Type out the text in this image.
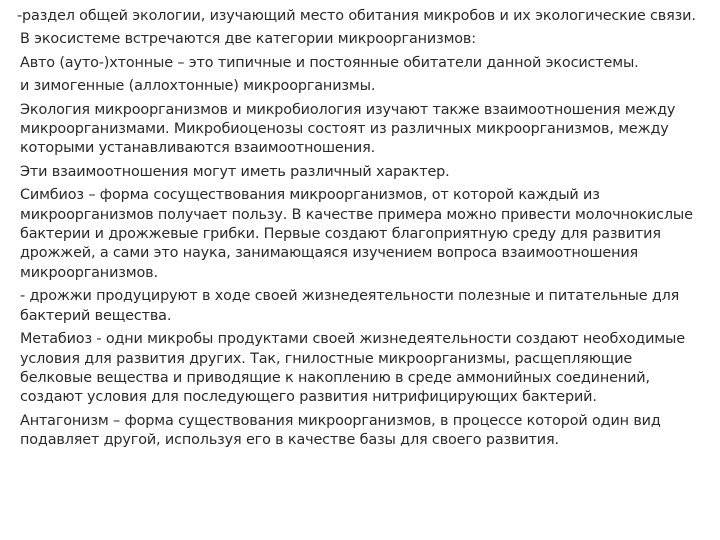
-раздел общей экологии, изучающий место обитания микробов и их экологические связи.

В экосистеме встречаются две категории микроорганизмов:

Авто (ауто-)хтонные – это типичные и постоянные обитатели данной экосистемы.

и зимогенные (аллохтонные) микроорганизмы.

Экология микроорганизмов и микробиология изучают также взаимоотношения между
микроорганизмами. Микробиоценозы состоят из различных микроорганизмов, между
которыми устанавливаются взаимоотношения.

Эти взаимоотношения могут иметь различный характер.

Симбиоз – форма сосуществования микроорганизмов, от которой каждый из
микроорганизмов получает пользу. В качестве примера можно привести молочнокислые
бактерии и дрожжевые грибки. Первые создают благоприятную среду для развития
дрожжей, а сами это наука, занимающаяся изучением вопроса взаимоотношения
микроорганизмов.

- дрожжи продуцируют в ходе своей жизнедеятельности полезные и питательные для
бактерий вещества.

Метабиоз - одни микробы продуктами своей жизнедеятельности создают необходимые
условия для развития других. Так, гнилостные микроорганизмы, расщепляющие
белковые вещества и приводящие к накоплению в среде аммонийных соединений,
создают условия для последующего развития нитрифицирующих бактерий.

Антагонизм – форма существования микроорганизмов, в процессе которой один вид
подавляет другой, используя его в качестве базы для своего развития.
